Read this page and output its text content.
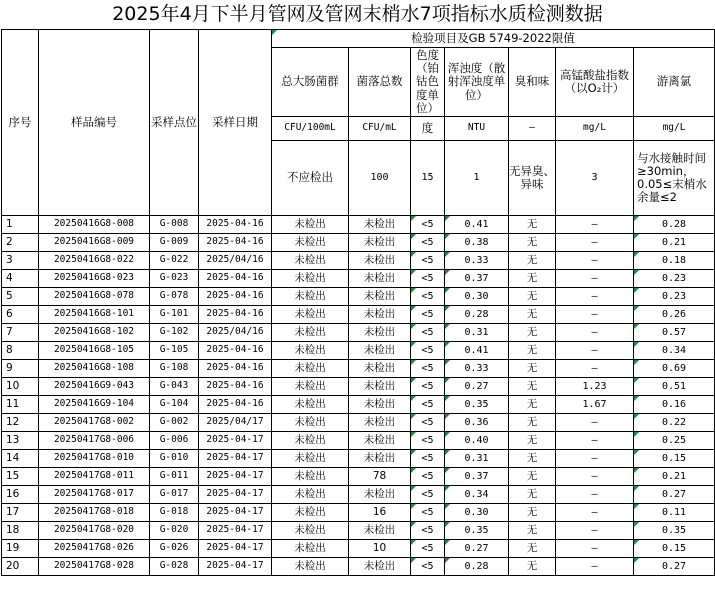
2025年4月下半月管网及管网末梢水7项指标水质检测数据
序号	样品编号	采样点位	采样日期	检验项目及GB 5749-2022限值						
				总大肠菌群	菌落总数	色度（铂钴色度单位）	浑浊度（散射浑浊度单位）	臭和味	高锰酸盐指数（以O₂计）	游离氯
				CFU/100mL	CFU/mL	度	NTU	—	mg/L	mg/L
				不应检出	100	15	1	无异臭、异味	3	与水接触时间≥30min，0.05≤末梢水余量≤2
1	20250416G8-008	G-008	2025-04-16	未检出	未检出	<5	0.41	无	—	0.28
2	20250416G8-009	G-009	2025-04-16	未检出	未检出	<5	0.38	无	—	0.21
3	20250416G8-022	G-022	2025/04/16	未检出	未检出	<5	0.33	无	—	0.18
4	20250416G8-023	G-023	2025-04-16	未检出	未检出	<5	0.37	无	—	0.23
5	20250416G8-078	G-078	2025-04-16	未检出	未检出	<5	0.30	无	—	0.23
6	20250416G8-101	G-101	2025-04-16	未检出	未检出	<5	0.28	无	—	0.26
7	20250416G8-102	G-102	2025/04/16	未检出	未检出	<5	0.31	无	—	0.57
8	20250416G8-105	G-105	2025-04-16	未检出	未检出	<5	0.41	无	—	0.34
9	20250416G8-108	G-108	2025-04-16	未检出	未检出	<5	0.33	无	—	0.69
10	20250416G9-043	G-043	2025-04-16	未检出	未检出	<5	0.27	无	1.23	0.51
11	20250416G9-104	G-104	2025-04-16	未检出	未检出	<5	0.35	无	1.67	0.16
12	20250417G8-002	G-002	2025/04/17	未检出	未检出	<5	0.36	无	—	0.22
13	20250417G8-006	G-006	2025-04-17	未检出	未检出	<5	0.40	无	—	0.25
14	20250417G8-010	G-010	2025-04-17	未检出	未检出	<5	0.31	无	—	0.15
15	20250417G8-011	G-011	2025-04-17	未检出	78	<5	0.37	无	—	0.21
16	20250417G8-017	G-017	2025-04-17	未检出	未检出	<5	0.34	无	—	0.27
17	20250417G8-018	G-018	2025-04-17	未检出	16	<5	0.30	无	—	0.11
18	20250417G8-020	G-020	2025-04-17	未检出	未检出	<5	0.35	无	—	0.35
19	20250417G8-026	G-026	2025-04-17	未检出	10	<5	0.27	无	—	0.15
20	20250417G8-028	G-028	2025-04-17	未检出	未检出	<5	0.28	无	—	0.27
